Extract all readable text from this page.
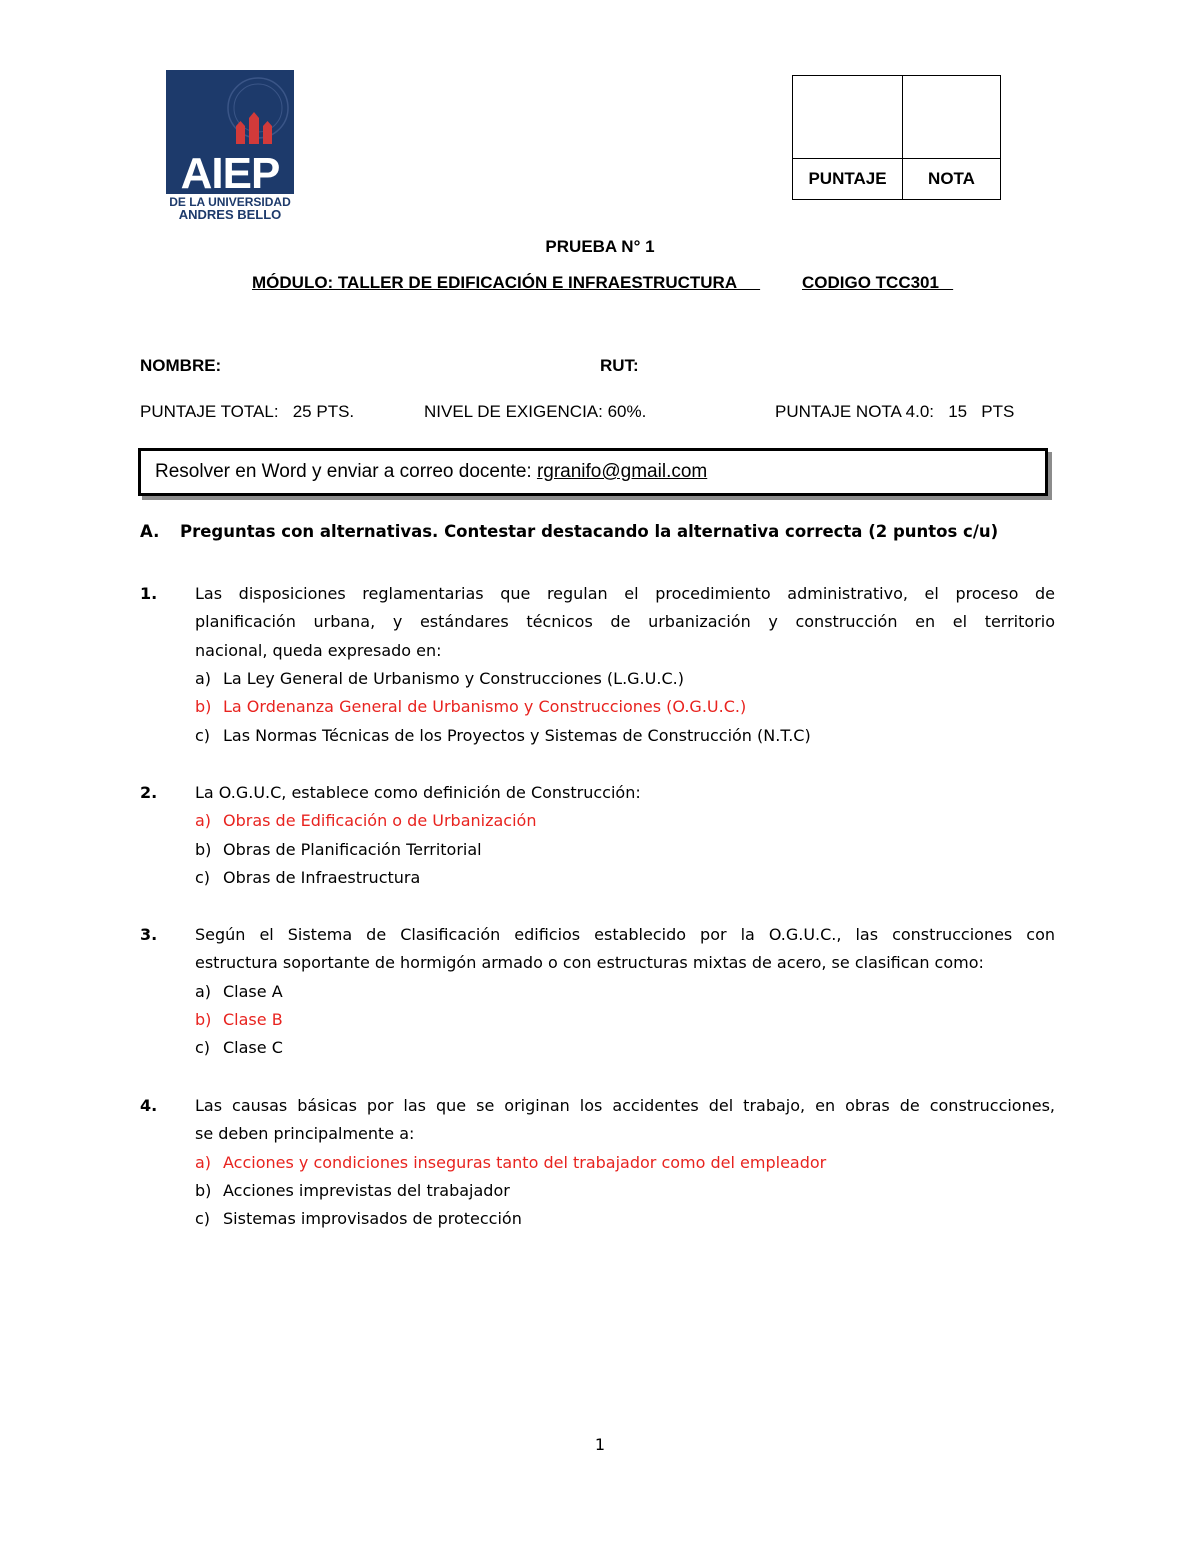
AIEP
DE LA UNIVERSIDAD
ANDRES BELLO

PUNTAJE	NOTA
PRUEBA N° 1
MÓDULO: TALLER DE EDIFICACIÓN E INFRAESTRUCTURA CODIGO TCC301
NOMBRE:	RUT:
PUNTAJE TOTAL:   25 PTS.	NIVEL DE EXIGENCIA: 60%.	PUNTAJE NOTA 4.0:   15   PTS
Resolver en Word y enviar a correo docente: rgranifo@gmail.com
A. Preguntas con alternativas. Contestar destacando la alternativa correcta (2 puntos c/u)
1. Las disposiciones reglamentarias que regulan el procedimiento administrativo, el proceso de
planificación urbana, y estándares técnicos de urbanización y construcción en el territorio
nacional, queda expresado en:
a) La Ley General de Urbanismo y Construcciones (L.G.U.C.)
b) La Ordenanza General de Urbanismo y Construcciones (O.G.U.C.)
c) Las Normas Técnicas de los Proyectos y Sistemas de Construcción (N.T.C)
2. La O.G.U.C, establece como definición de Construcción:
a) Obras de Edificación o de Urbanización
b) Obras de Planificación Territorial
c) Obras de Infraestructura
3. Según el Sistema de Clasificación edificios establecido por la O.G.U.C., las construcciones con
estructura soportante de hormigón armado o con estructuras mixtas de acero, se clasifican como:
a) Clase A
b) Clase B
c) Clase C
4. Las causas básicas por las que se originan los accidentes del trabajo, en obras de construcciones,
se deben principalmente a:
a) Acciones y condiciones inseguras tanto del trabajador como del empleador
b) Acciones imprevistas del trabajador
c) Sistemas improvisados de protección
1
